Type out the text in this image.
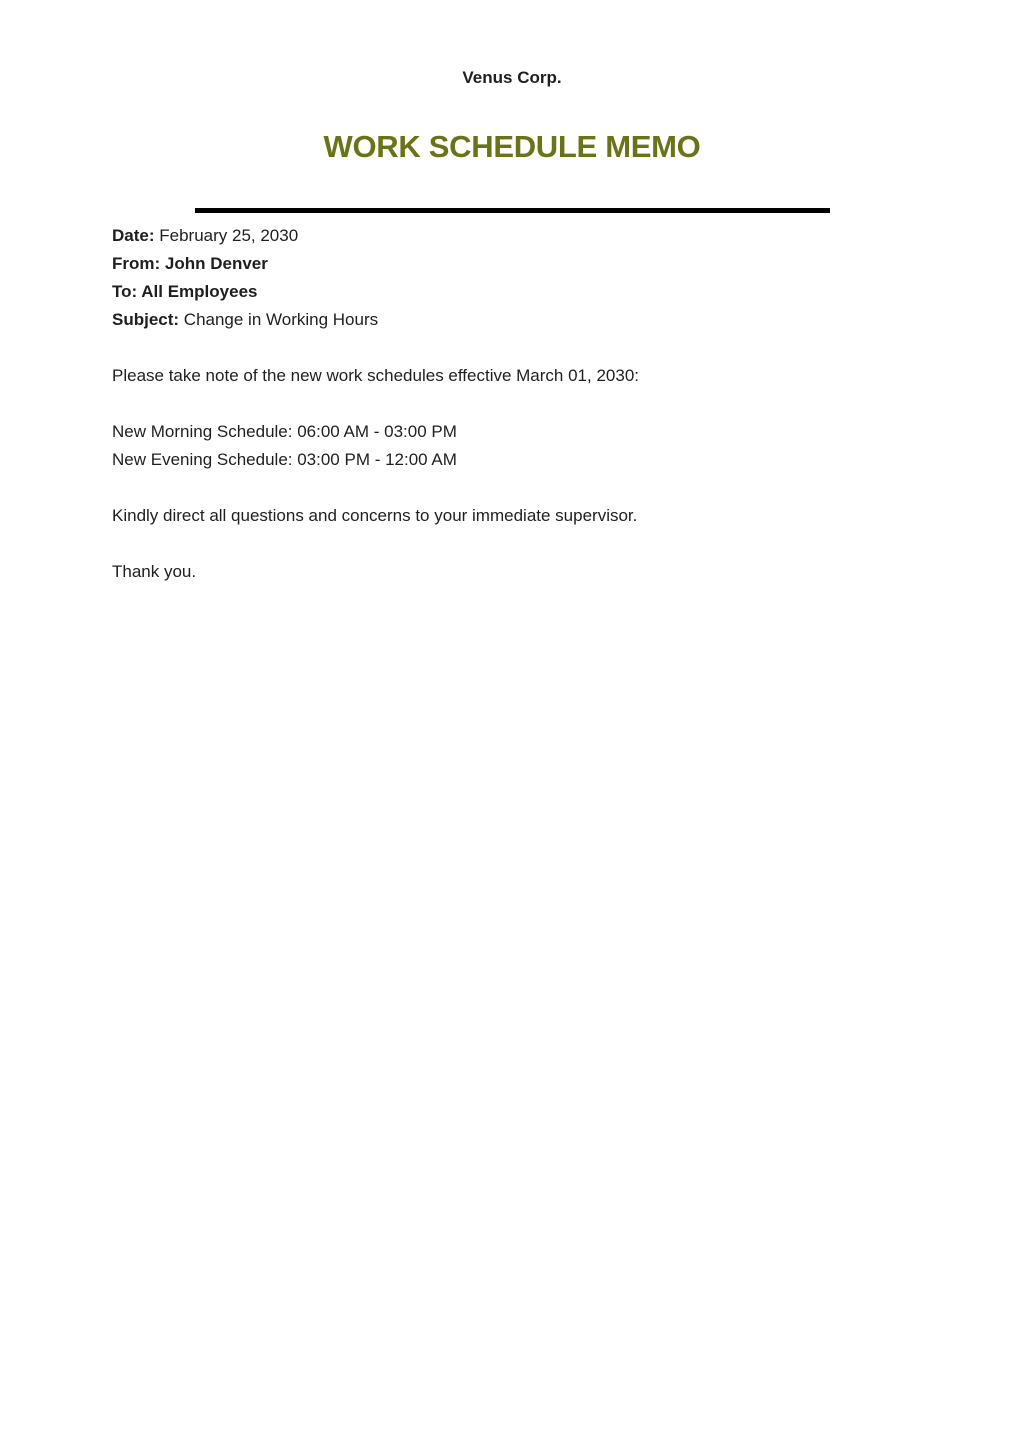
Venus Corp.
WORK SCHEDULE MEMO
Date: February 25, 2030
From: John Denver
To: All Employees
Subject: Change in Working Hours
Please take note of the new work schedules effective March 01, 2030:
New Morning Schedule: 06:00 AM - 03:00 PM
New Evening Schedule: 03:00 PM - 12:00 AM
Kindly direct all questions and concerns to your immediate supervisor.
Thank you.
